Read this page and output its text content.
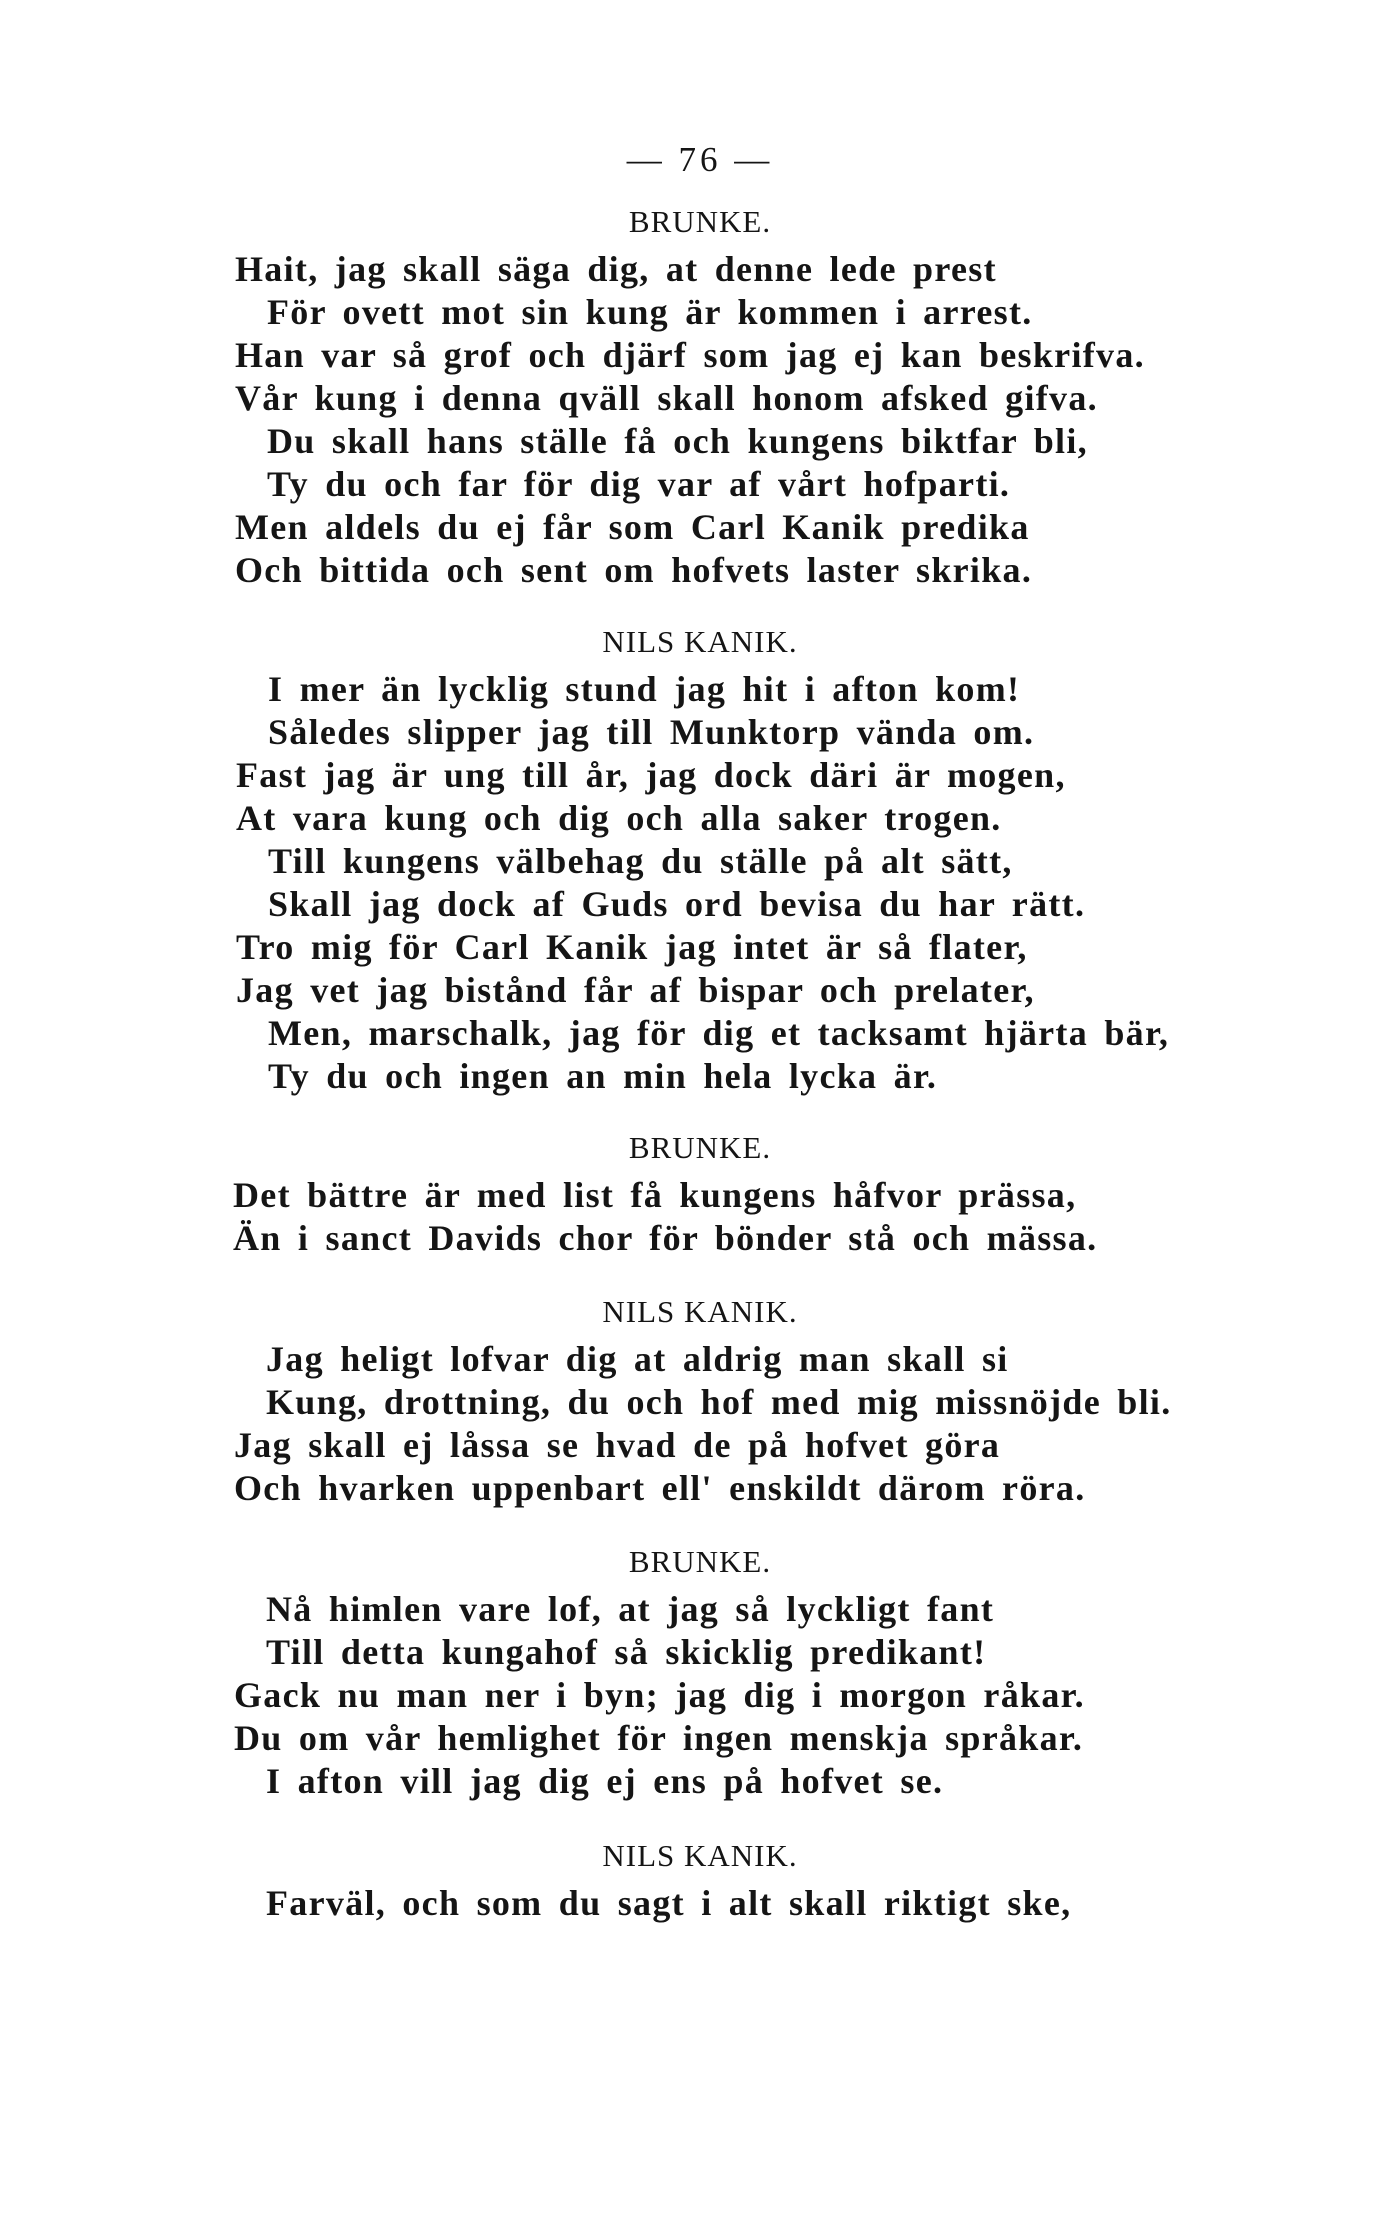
— 76 —
BRUNKE.
Hait, jag skall säga dig, at denne lede prest
För ovett mot sin kung är kommen i arrest.
Han var så grof och djärf som jag ej kan beskrifva.
Vår kung i denna qväll skall honom afsked gifva.
Du skall hans ställe få och kungens biktfar bli,
Ty du och far för dig var af vårt hofparti.
Men aldels du ej får som Carl Kanik predika
Och bittida och sent om hofvets laster skrika.
NILS KANIK.
I mer än lycklig stund jag hit i afton kom!
Således slipper jag till Munktorp vända om.
Fast jag är ung till år, jag dock däri är mogen,
At vara kung och dig och alla saker trogen.
Till kungens välbehag du ställe på alt sätt,
Skall jag dock af Guds ord bevisa du har rätt.
Tro mig för Carl Kanik jag intet är så flater,
Jag vet jag bistånd får af bispar och prelater,
Men, marschalk, jag för dig et tacksamt hjärta bär,
Ty du och ingen an min hela lycka är.
BRUNKE.
Det bättre är med list få kungens håfvor prässa,
Än i sanct Davids chor för bönder stå och mässa.
NILS KANIK.
Jag heligt lofvar dig at aldrig man skall si
Kung, drottning, du och hof med mig missnöjde bli.
Jag skall ej låssa se hvad de på hofvet göra
Och hvarken uppenbart ell' enskildt därom röra.
BRUNKE.
Nå himlen vare lof, at jag så lyckligt fant
Till detta kungahof så skicklig predikant!
Gack nu man ner i byn; jag dig i morgon råkar.
Du om vår hemlighet för ingen menskja språkar.
I afton vill jag dig ej ens på hofvet se.
NILS KANIK.
Farväl, och som du sagt i alt skall riktigt ske,
